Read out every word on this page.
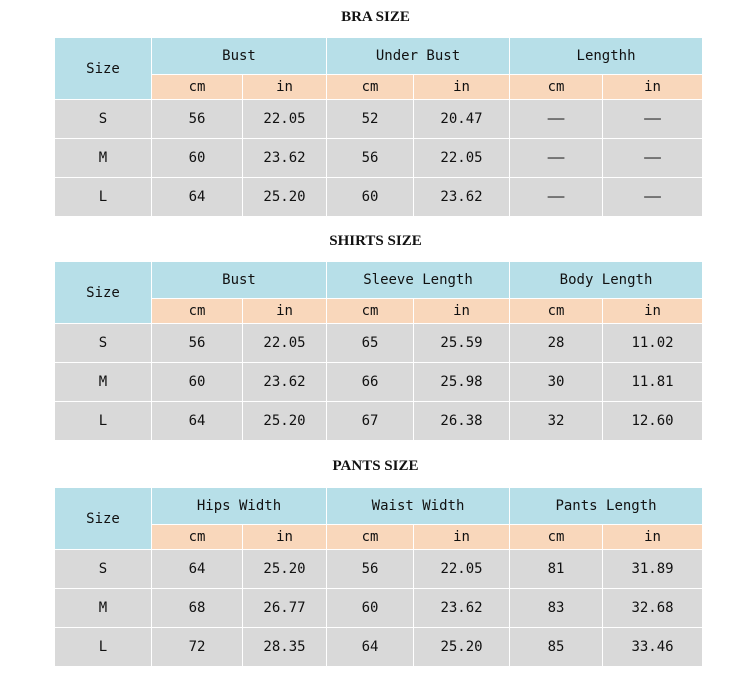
BRA SIZE
Size	Bust		Under Bust		Lengthh	
	cm	in	cm	in	cm	in
S	56	22.05	52	20.47	——	——
M	60	23.62	56	22.05	——	——
L	64	25.20	60	23.62	——	——
SHIRTS SIZE
Size	Bust		Sleeve Length		Body Length	
	cm	in	cm	in	cm	in
S	56	22.05	65	25.59	28	11.02
M	60	23.62	66	25.98	30	11.81
L	64	25.20	67	26.38	32	12.60
PANTS SIZE
Size	Hips Width		Waist Width		Pants Length	
	cm	in	cm	in	cm	in
S	64	25.20	56	22.05	81	31.89
M	68	26.77	60	23.62	83	32.68
L	72	28.35	64	25.20	85	33.46
